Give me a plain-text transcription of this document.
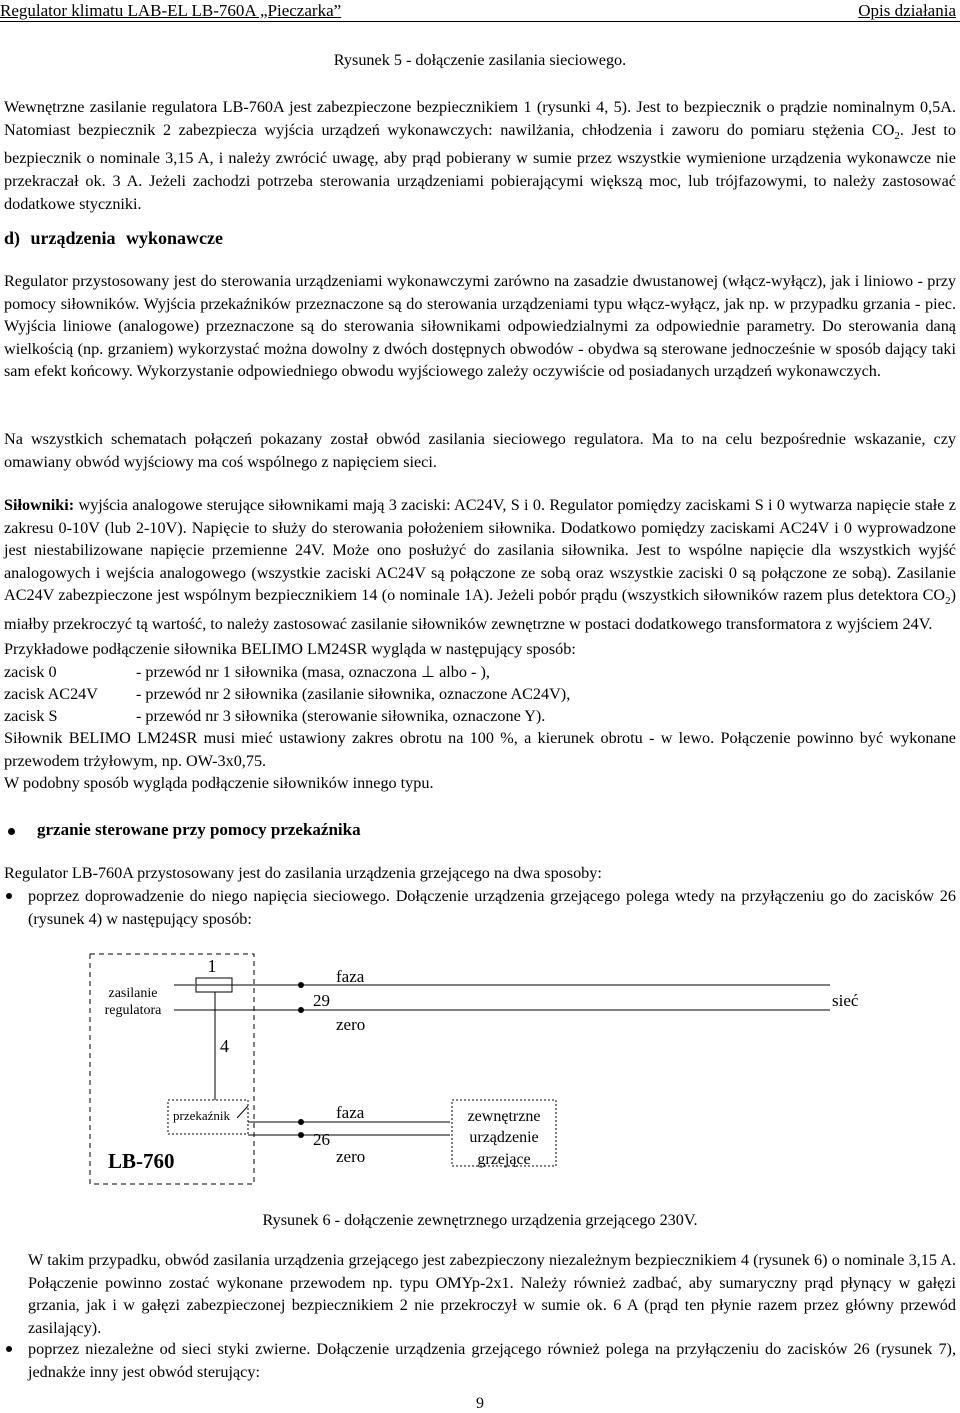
Regulator klimatu LAB-EL LB-760A „Pieczarka”	Opis działania
Rysunek 5 - dołączenie zasilania sieciowego.

Wewnętrzne zasilanie regulatora LB-760A jest zabezpieczone bezpiecznikiem 1 (rysunki 4, 5). Jest to bezpiecznik o prądzie nominalnym 0,5A. Natomiast bezpiecznik 2 zabezpiecza wyjścia urządzeń wykonawczych: nawilżania, chłodzenia i zaworu do pomiaru stężenia $CO_2$. Jest to bezpiecznik o nominale 3,15 A, i należy zwrócić uwagę, aby prąd pobierany w sumie przez wszystkie wymienione urządzenia wykonawcze nie przekraczał ok. 3 A. Jeżeli zachodzi potrzeba sterowania urządzeniami pobierającymi większą moc, lub trójfazowymi, to należy zastosować dodatkowe styczniki.

d) urządzenia wykonawcze

Regulator przystosowany jest do sterowania urządzeniami wykonawczymi zarówno na zasadzie dwustanowej (włącz-wyłącz), jak i liniowo - przy pomocy siłowników. Wyjścia przekaźników przeznaczone są do sterowania urządzeniami typu włącz-wyłącz, jak np. w przypadku grzania - piec. Wyjścia liniowe (analogowe) przeznaczone są do sterowania siłownikami odpowiedzialnymi za odpowiednie parametry. Do sterowania daną wielkością (np. grzaniem) wykorzystać można dowolny z dwóch dostępnych obwodów - obydwa są sterowane jednocześnie w sposób dający taki sam efekt końcowy. Wykorzystanie odpowiedniego obwodu wyjściowego zależy oczywiście od posiadanych urządzeń wykonawczych.

Na wszystkich schematach połączeń pokazany został obwód zasilania sieciowego regulatora. Ma to na celu bezpośrednie wskazanie, czy omawiany obwód wyjściowy ma coś wspólnego z napięciem sieci.

Siłowniki: wyjścia analogowe sterujące siłownikami mają 3 zaciski: AC24V, S i 0. Regulator pomiędzy zaciskami S i 0 wytwarza napięcie stałe z zakresu 0-10V (lub 2-10V). Napięcie to służy do sterowania położeniem siłownika. Dodatkowo pomiędzy zaciskami AC24V i 0 wyprowadzone jest niestabilizowane napięcie przemienne 24V. Może ono posłużyć do zasilania siłownika. Jest to wspólne napięcie dla wszystkich wyjść analogowych i wejścia analogowego (wszystkie zaciski AC24V są połączone ze sobą oraz wszystkie zaciski 0 są połączone ze sobą). Zasilanie AC24V zabezpieczone jest wspólnym bezpiecznikiem 14 (o nominale 1A). Jeżeli pobór prądu (wszystkich siłowników razem plus detektora $CO_2$) miałby przekroczyć tą wartość, to należy zastosować zasilanie siłowników zewnętrzne w postaci dodatkowego transformatora z wyjściem 24V.

Przykładowe podłączenie siłownika BELIMO LM24SR wygląda w następujący sposób:

zacisk 0	- przewód nr 1 siłownika (masa, oznaczona ⊥ albo - ),
zacisk AC24V - przewód nr 2 siłownika (zasilanie siłownika, oznaczone AC24V),
zacisk S	- przewód nr 3 siłownika (sterowanie siłownika, oznaczone Y).

Siłownik BELIMO LM24SR musi mieć ustawiony zakres obrotu na 100 %, a kierunek obrotu - w lewo. Połączenie powinno być wykonane przewodem trżyłowym, np. OW-3x0,75.

W podobny sposób wygląda podłączenie siłowników innego typu.

grzanie sterowane przy pomocy przekaźnika

Regulator LB-760A przystosowany jest do zasilania urządzenia grzejącego na dwa sposoby:

poprzez doprowadzenie do niego napięcia sieciowego. Dołączenie urządzenia grzejącego polega wtedy na przyłączeniu go do zacisków 26 (rysunek 4) w następujący sposób:

zasilanie
regulatora
1
4
faza
29
zero
sieć
przekaźnik	faza
26
zero
LB-760
zewnętrzne
urządzenie
grzejące
Rysunek 6 - dołączenie zewnętrznego urządzenia grzejącego 230V.

W takim przypadku, obwód zasilania urządzenia grzejącego jest zabezpieczony niezależnym bezpiecznikiem 4 (rysunek 6) o nominale 3,15 A. Połączenie powinno zostać wykonane przewodem np. typu OMYp-2x1. Należy również zadbać, aby sumaryczny prąd płynący w gałęzi grzania, jak i w gałęzi zabezpieczonej bezpiecznikiem 2 nie przekroczył w sumie ok. 6 A (prąd ten płynie razem przez główny przewód zasilający).

poprzez niezależne od sieci styki zwierne. Dołączenie urządzenia grzejącego również polega na przyłączeniu do zacisków 26 (rysunek 7), jednakże inny jest obwód sterujący:

9
